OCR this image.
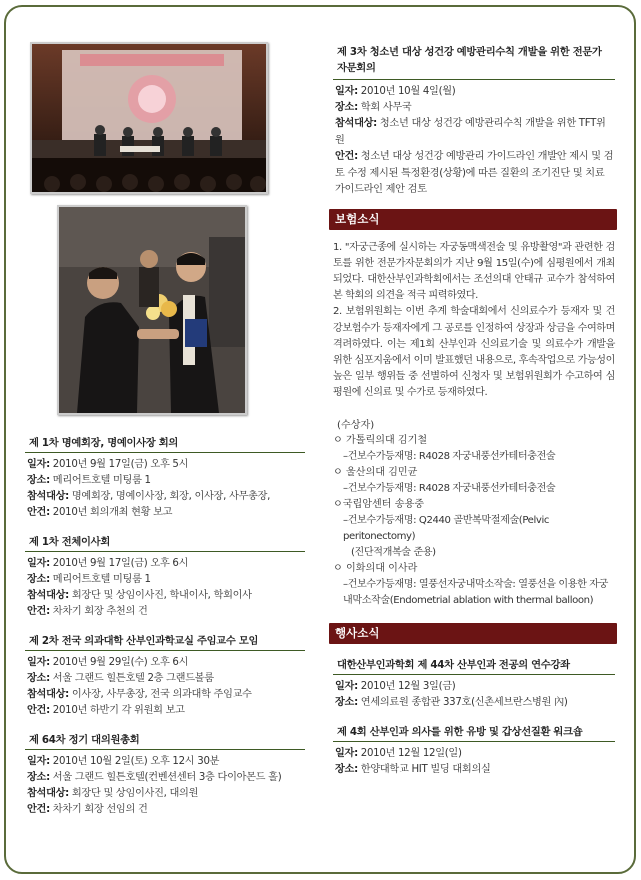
제 1차 명예회장, 명예이사장 회의
일자: 2010년 9월 17일(금) 오후 5시
장소: 메리어트호텔 미팅룸 1
참석대상: 명예회장, 명예이사장, 회장, 이사장, 사무총장,
안건: 2010년 회의개최 현황 보고
제 1차 전체이사회
일자: 2010년 9월 17일(금) 오후 6시
장소: 메리어트호텔 미팅룸 1
참석대상: 회장단 및 상임이사진, 학내이사, 학회이사
안건: 차차기 회장 추천의 건
제 2차 전국 의과대학 산부인과학교실 주임교수 모임
일자: 2010년 9월 29일(수) 오후 6시
장소: 서울 그랜드 힐튼호텔 2층 그랜드볼룸
참석대상: 이사장, 사무총장, 전국 의과대학 주임교수
안건: 2010년 하반기 각 위원회 보고
제 64차 정기 대의원총회
일자: 2010년 10월 2일(토) 오후 12시 30분
장소: 서울 그랜드 힐튼호텔(컨벤션센터 3층 다이아몬드 홀)
참석대상: 회장단 및 상임이사진, 대의원
안건: 차차기 회장 선임의 건
제 3차 청소년 대상 성건강 예방관리수칙 개발을 위한 전문가 자문회의
일자: 2010년 10월 4일(월)
장소: 학회 사무국
참석대상: 청소년 대상 성건강 예방관리수칙 개발을 위한 TFT위원
안건: 청소년 대상 성건강 예방관리 가이드라인 개발안 제시 및 검토 수정 제시된 특정환경(상황)에 따른 질환의 조기진단 및 치료 가이드라인 제안 검토
보험소식
1. "자궁근종에 실시하는 자궁동맥색전술 및 유방촬영"과 관련한 검토를 위한 전문가자문회의가 지난 9월 15일(수)에 심평원에서 개최되었다. 대한산부인과학회에서는 조선의대 안태규 교수가 참석하여 본 학회의 의견을 적극 피력하였다.
2. 보험위원회는 이번 추계 학술대회에서 신의료수가 등재자 및 건강보험수가 등재자에게 그 공로를 인정하여 상장과 상금을 수여하며 격려하였다. 이는 제1회 산부인과 신의료기술 및 의료수가 개발을 위한 심포지움에서 이미 발표했던 내용으로, 후속작업으로 가능성이 높은 일부 행위들 중 선별하여 신청자 및 보험위원회가 수고하여 심평원에 신의료 및 수가로 등재하였다.
(수상자)
ㅇ 가톨릭의대 김기철
–건보수가등재명: R4028 자궁내풍선카테터충전술
ㅇ 울산의대 김민균
–건보수가등재명: R4028 자궁내풍선카테터충전술
ㅇ국립암센터 송용중
–건보수가등재명: Q2440 골반복막절제술(Pelvic peritonectomy)
(진단적개복술 준용)
ㅇ 이화의대 이사라
–건보수가등재명: 열풍선자궁내막소작술: 열풍선을 이용한 자궁 내막소작술(Endometrial ablation with thermal balloon)
행사소식
대한산부인과학회 제 44차 산부인과 전공의 연수강좌
일자: 2010년 12월 3일(금)
장소: 연세의료원 종합관 337호(신촌세브란스병원 內)
제 4회 산부인과 의사를 위한 유방 및 갑상선질환 워크숍
일자: 2010년 12월 12일(일)
장소: 한양대학교 HIT 빌딩 대회의실
